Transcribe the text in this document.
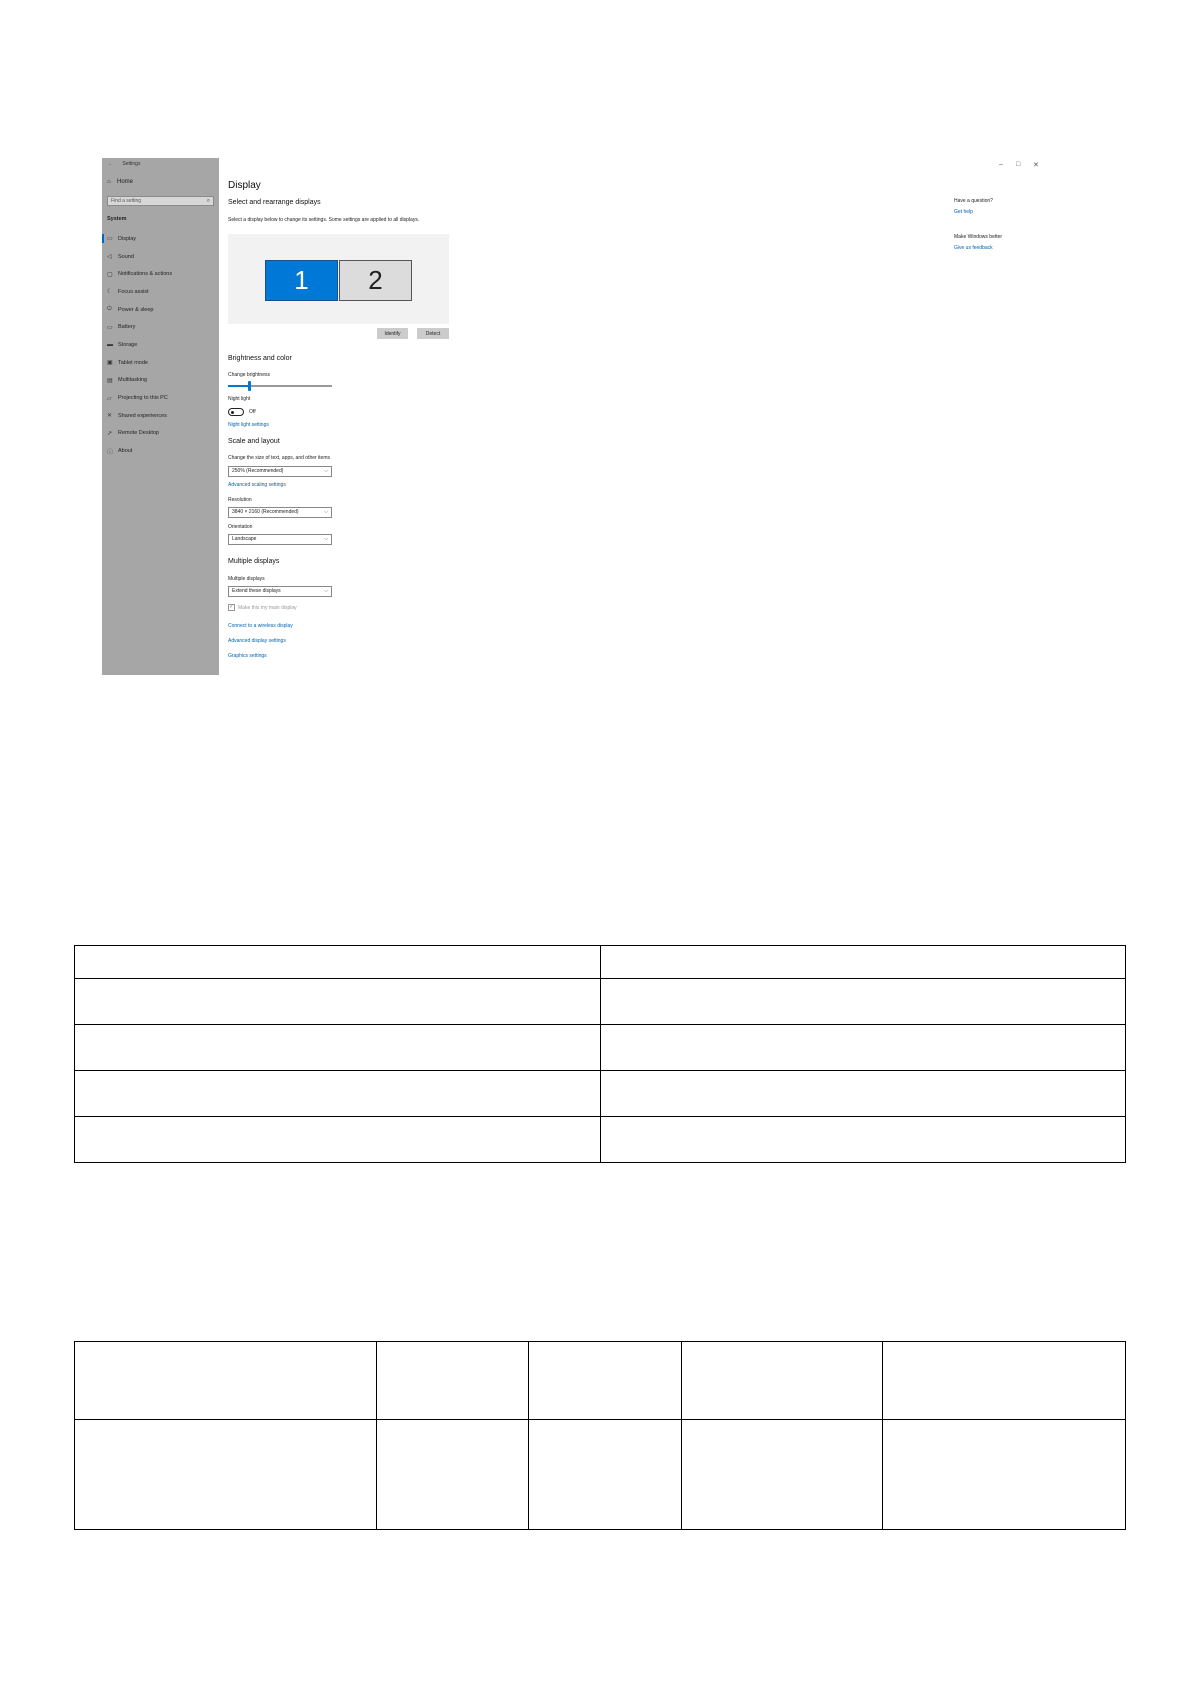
← Settings
⌂ Home
Find a setting	⌕
System
▭ Display
◁	Sound
▢ Notifications & actions
☾	Focus assist
⏻	Power & sleep
▭ Battery
▬ Storage
▣ Tablet mode
▤ Multitasking
▱	Projecting to this PC
✕	Shared experiences
↗	Remote Desktop
ⓘ About
– □ ✕
Display
Select and rearrange displays
Select a display below to change its settings. Some settings are applied to all displays.
1	2
Identify	Detect
Brightness and color
Change brightness
Night light
Off
Night light settings
Scale and layout
Change the size of text, apps, and other items
250% (Recommended)	⌵
Advanced scaling settings
Resolution
3840 × 2160 (Recommended)	⌵
Orientation
Landscape	⌵
Multiple displays
Multiple displays
Extend these displays	⌵
✓ Make this my main display
Connect to a wireless display
Advanced display settings
Graphics settings
Have a question?
Get help
Make Windows better
Give us feedback
